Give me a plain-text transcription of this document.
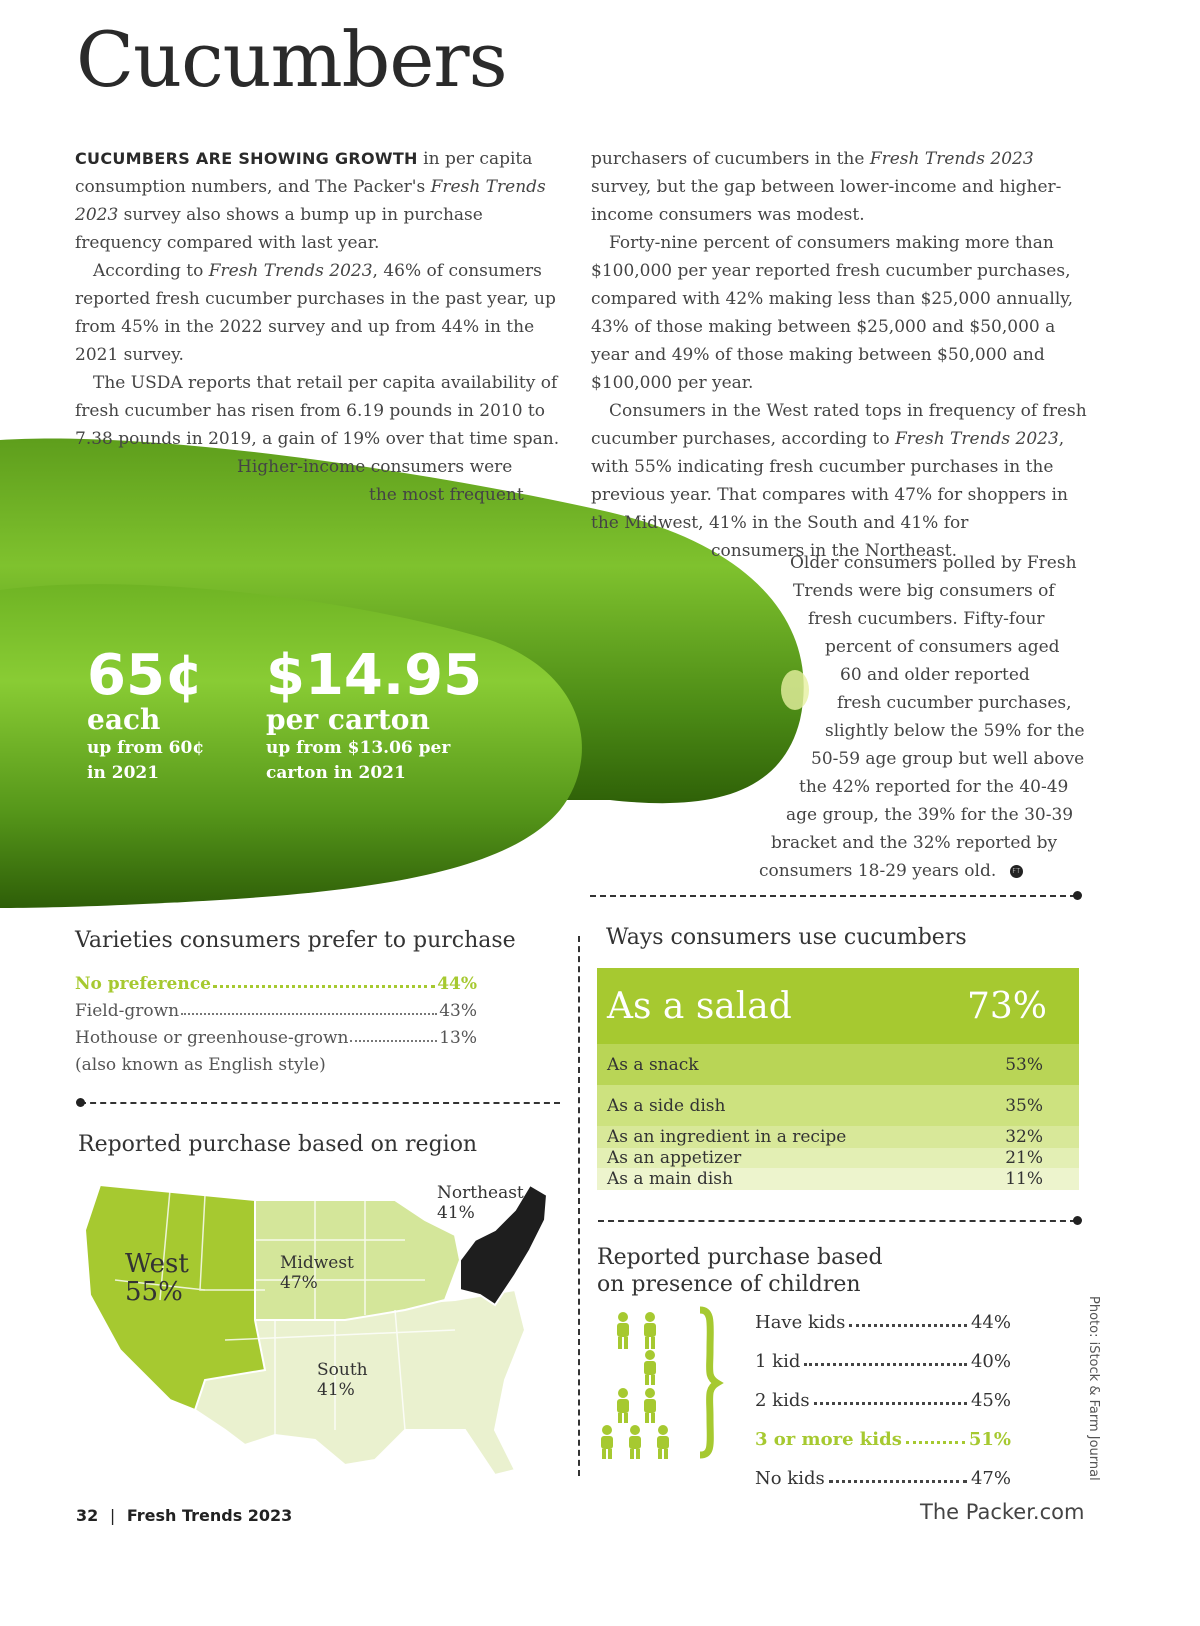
Cucumbers

CUCUMBERS ARE SHOWING GROWTH in per capita consumption numbers, and The Packer's Fresh Trends 2023 survey also shows a bump up in purchase frequency compared with last year.

According to Fresh Trends 2023, 46% of consumers reported fresh cucumber purchases in the past year, up from 45% in the 2022 survey and up from 44% in the 2021 survey.

The USDA reports that retail per capita availability of fresh cucumber has risen from 6.19 pounds in 2010 to 7.38 pounds in 2019, a gain of 19% over that time span.

Higher-income consumers were

the most frequent

purchasers of cucumbers in the Fresh Trends 2023 survey, but the gap between lower-income and higher-income consumers was modest.

Forty-nine percent of consumers making more than $100,000 per year reported fresh cucumber purchases, compared with 42% making less than $25,000 annually, 43% of those making between $25,000 and $50,000 a year and 49% of those making between $50,000 and $100,000 per year.

Consumers in the West rated tops in frequency of fresh cucumber purchases, according to Fresh Trends 2023, with 55% indicating fresh cucumber purchases in the previous year. That compares with 47% for shoppers in the Midwest, 41% in the South and 41% for

consumers in the Northeast.

Older consumers polled by Fresh

Trends were big consumers of

fresh cucumbers. Fifty-four

percent of consumers aged

60 and older reported

fresh cucumber purchases,

slightly below the 59% for the

50-59 age group but well above

the 42% reported for the 40-49

age group, the 39% for the 30-39

bracket and the 32% reported by

consumers 18-29 years old. FT

65¢
each
up from 60¢
in 2021
$14.95
per carton
up from $13.06 per
carton in 2021
Varieties consumers prefer to purchase
No preference	44%
Field-grown	43%
Hothouse or greenhouse-grown	13%
(also known as English style)
Ways consumers use cucumbers
As a salad	73%
As a snack	53%
As a side dish	35%
As an ingredient in a recipe	32%
As an appetizer	21%
As a main dish	11%
Reported purchase based on region
West
55%
Midwest
47%
South
41%
Northeast
41%
Reported purchase based
on presence of children
Have kids	44%
1 kid	40%
2 kids	45%
3 or more kids	51%
No kids	47%	Photo: iStock & Farm Journal
32 | Fresh Trends 2023	The Packer.com
